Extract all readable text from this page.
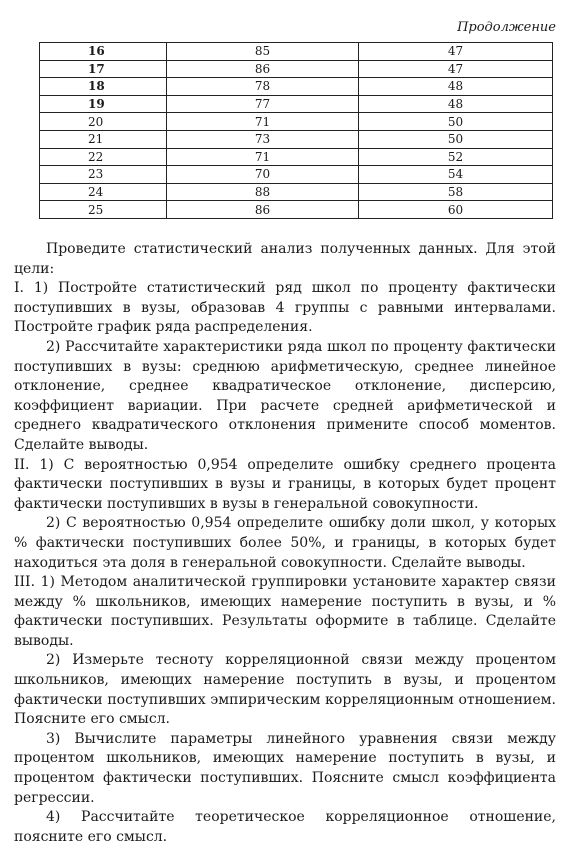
Продолжение
16	85	47
17	86	47
18	78	48
19	77	48
20	71	50
21	73	50
22	71	52
23	70	54
24	88	58
25	86	60

Проведите статистический анализ полученных данных. Для этой цели:

I. 1) Постройте статистический ряд школ по проценту фактически поступивших в вузы, образовав 4 группы с равными интервалами. Постройте график ряда распределения.

2) Рассчитайте характеристики ряда школ по проценту фактически поступивших в вузы: среднюю арифметическую, среднее линейное отклонение, среднее квадратическое отклонение, дисперсию, коэффициент вариации. При расчете средней арифметической и среднего квадратического отклонения примените способ моментов. Сделайте выводы.

II. 1) С вероятностью 0,954 определите ошибку среднего процента фактически поступивших в вузы и границы, в которых будет процент фактически поступивших в вузы в генеральной совокупности.

2) С вероятностью 0,954 определите ошибку доли школ, у которых % фактически поступивших более 50%, и границы, в которых будет находиться эта доля в генеральной совокупности. Сделайте выводы.

III. 1) Методом аналитической группировки установите характер связи между % школьников, имеющих намерение поступить в вузы, и % фактически поступивших. Результаты оформите в таблице. Сделайте выводы.

2) Измерьте тесноту корреляционной связи между процентом школьников, имеющих намерение поступить в вузы, и процентом фактически поступивших эмпирическим корреляционным отношением. Поясните его смысл.

3) Вычислите параметры линейного уравнения связи между процентом школьников, имеющих намерение поступить в вузы, и процентом фактически поступивших. Поясните смысл коэффициента регрессии.

4) Рассчитайте теоретическое корреляционное отношение, поясните его смысл.
